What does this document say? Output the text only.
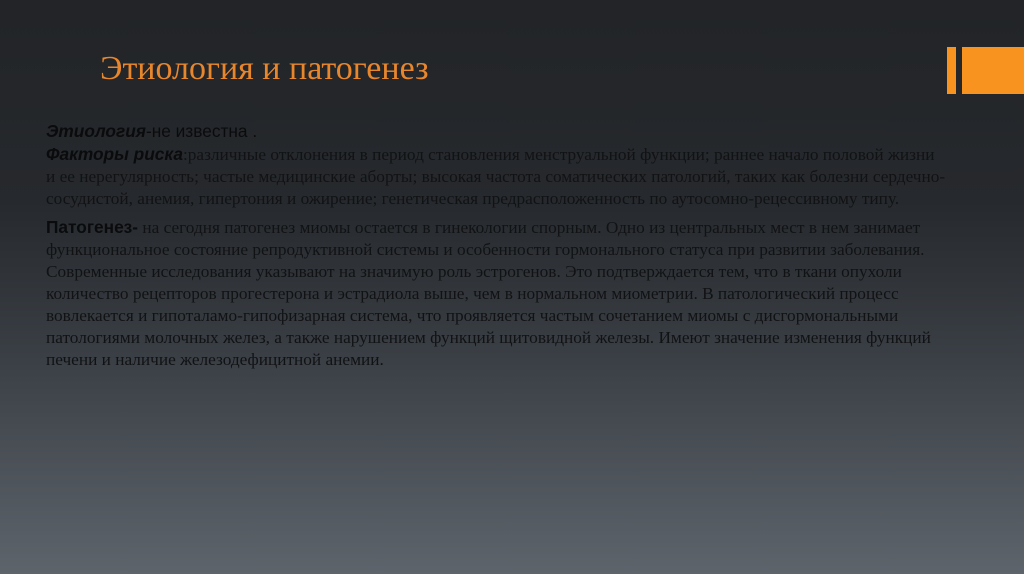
Этиология и патогенез

Этиология-не известна .

Факторы риска:различные отклонения в период становления менструальной функции; раннее начало половой жизни и ее нерегулярность; частые медицинские аборты; высокая частота соматических патологий, таких как болезни сердечно-сосудистой, анемия, гипертония и ожирение; генетическая предрасположенность по аутосомно-рецессивному типу.

Патогенез- на сегодня патогенез миомы остается в гинекологии спорным. Одно из центральных мест в нем занимает функциональное состояние репродуктивной системы и особенности гормонального статуса при развитии заболевания. Современные исследования указывают на значимую роль эстрогенов. Это подтверждается тем, что в ткани опухоли количество рецепторов прогестерона и эстрадиола выше, чем в нормальном миометрии. В патологический процесс вовлекается и гипоталамо-гипофизарная система, что проявляется частым сочетанием миомы с дисгормональными патологиями молочных желез, а также нарушением функций щитовидной железы. Имеют значение изменения функций печени и наличие железодефицитной анемии.
